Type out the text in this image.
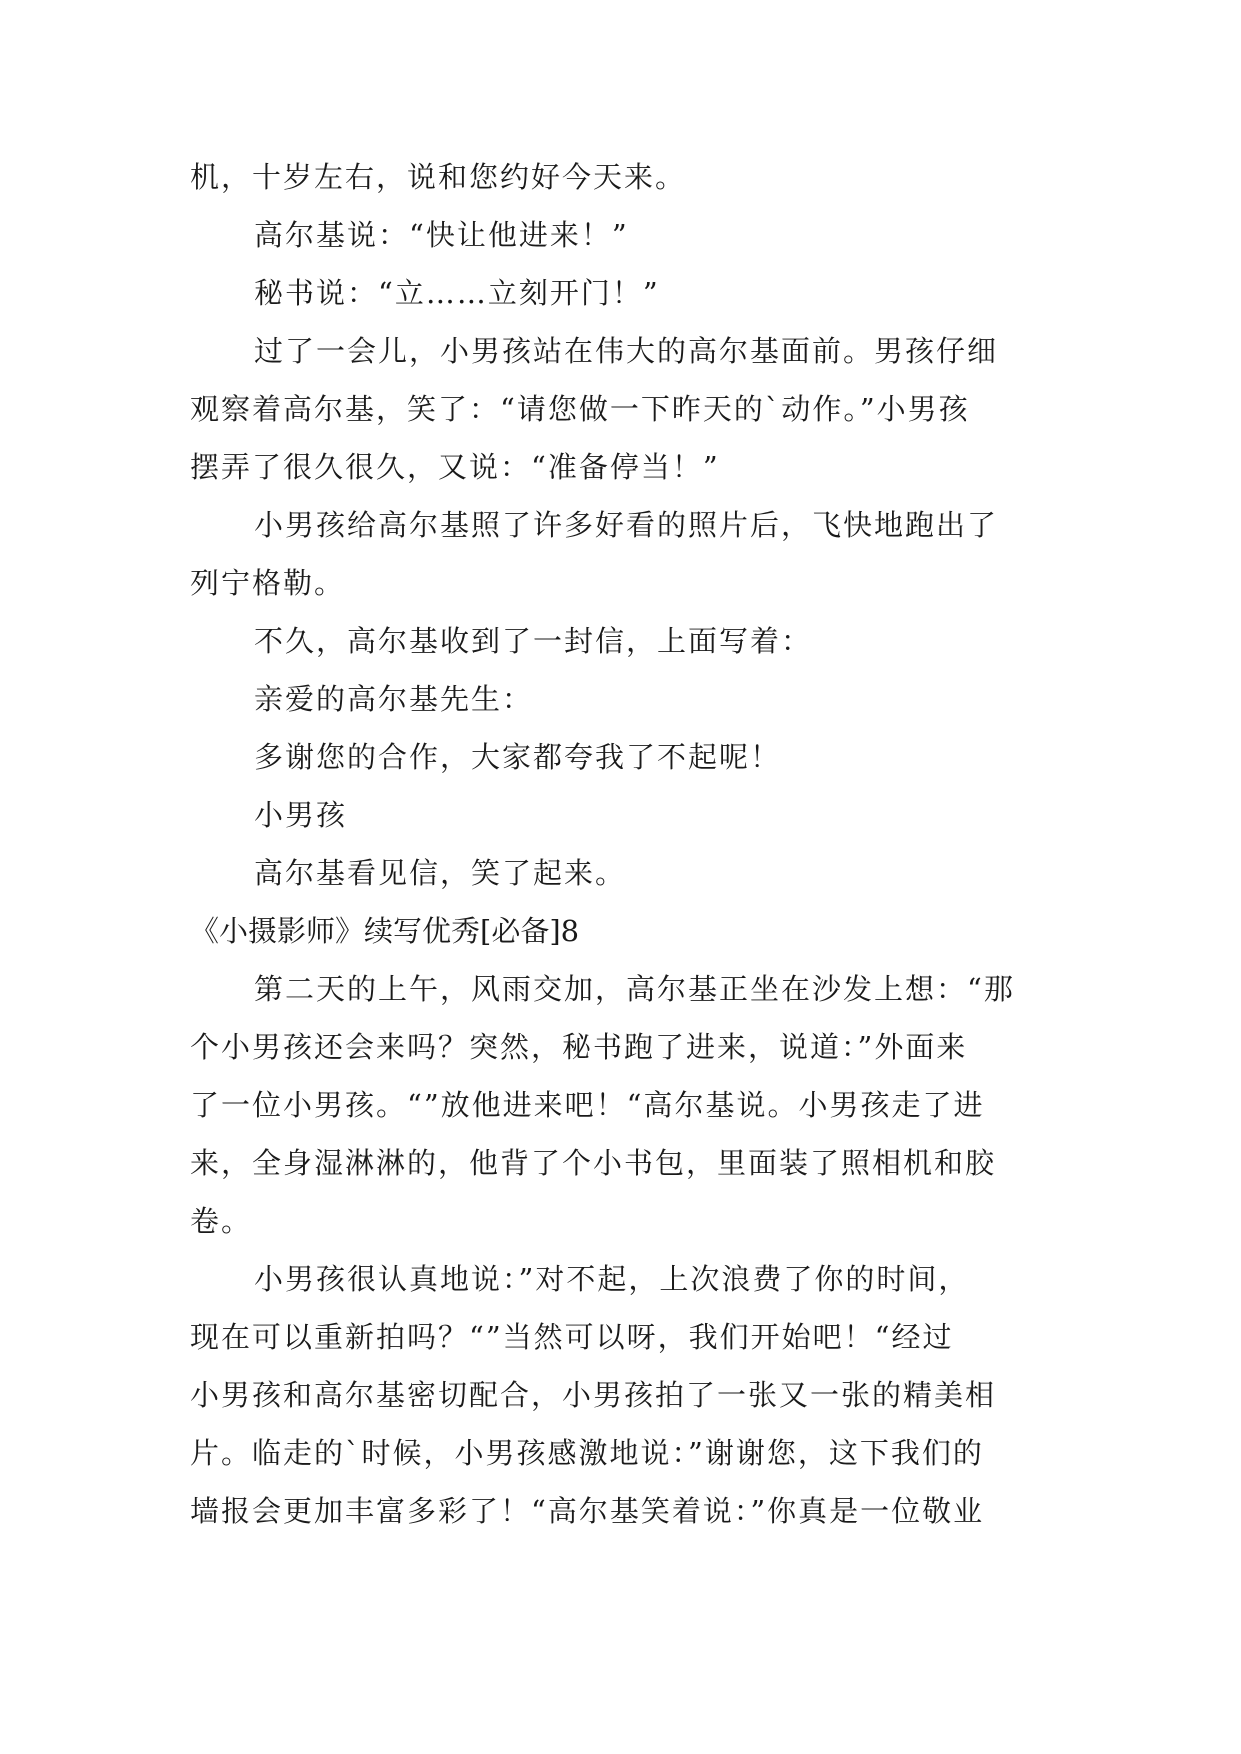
机，十岁左右，说和您约好今天来。
高尔基说：“快让他进来！”
秘书说：“立……立刻开门！”
过了一会儿，小男孩站在伟大的高尔基面前。男孩仔细
观察着高尔基，笑了：“请您做一下昨天的`动作。”小男孩
摆弄了很久很久，又说：“准备停当！”
小男孩给高尔基照了许多好看的照片后，飞快地跑出了
列宁格勒。
不久，高尔基收到了一封信，上面写着：
亲爱的高尔基先生：
多谢您的合作，大家都夸我了不起呢！
小男孩
高尔基看见信，笑了起来。
《小摄影师》续写优秀[必备]8
第二天的上午，风雨交加，高尔基正坐在沙发上想：“那
个小男孩还会来吗？突然，秘书跑了进来，说道：”外面来
了一位小男孩。“”放他进来吧！“高尔基说。小男孩走了进
来，全身湿淋淋的，他背了个小书包，里面装了照相机和胶
卷。
小男孩很认真地说：”对不起，上次浪费了你的时间，
现在可以重新拍吗？“”当然可以呀，我们开始吧！“经过
小男孩和高尔基密切配合，小男孩拍了一张又一张的精美相
片。临走的`时候，小男孩感激地说：”谢谢您，这下我们的
墙报会更加丰富多彩了！“高尔基笑着说：”你真是一位敬业
